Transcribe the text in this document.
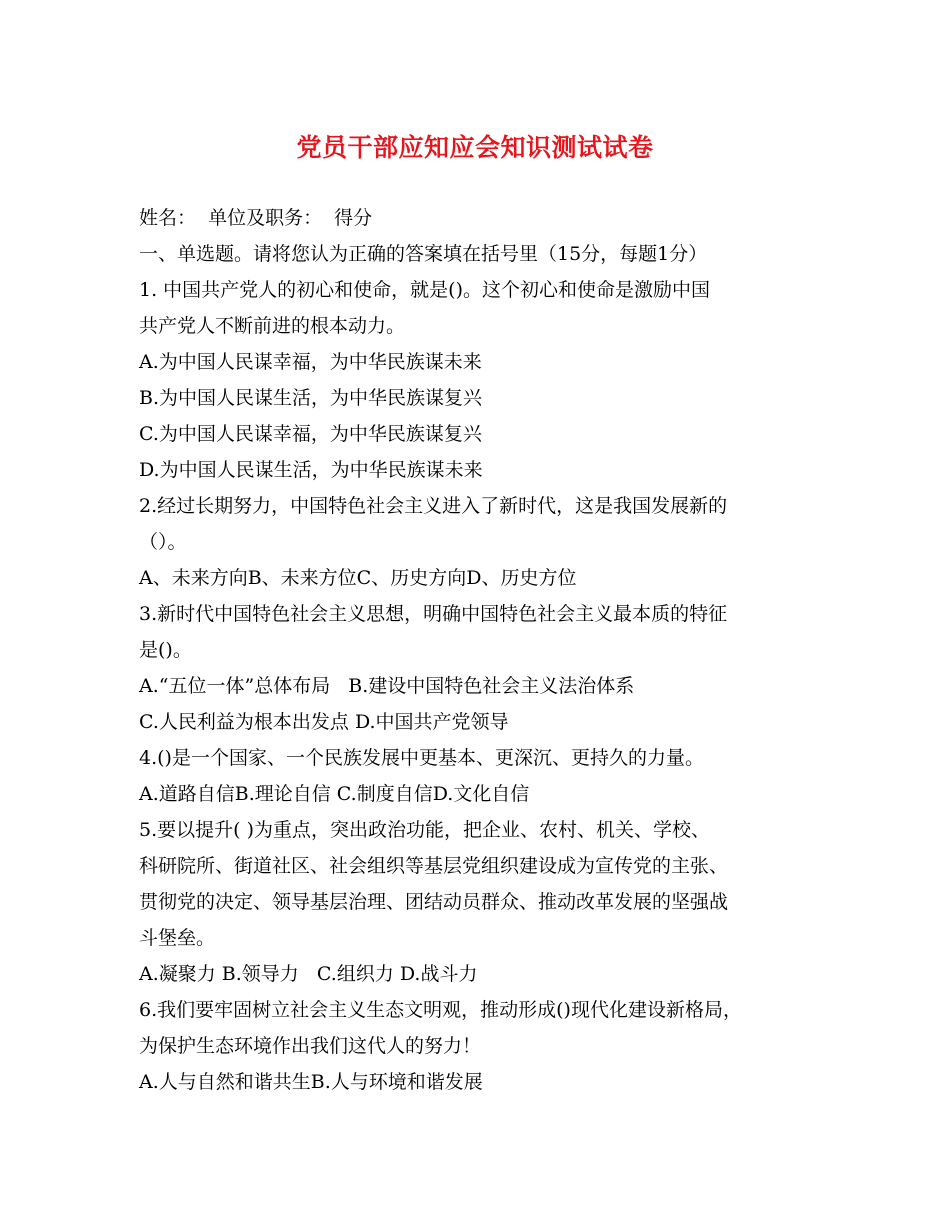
党员干部应知应会知识测试试卷
姓名：  单位及职务：  得分
一、单选题。请将您认为正确的答案填在括号里（15分，每题1分）
1. 中国共产党人的初心和使命，就是()。这个初心和使命是激励中国
共产党人不断前进的根本动力。
A.为中国人民谋幸福，为中华民族谋未来
B.为中国人民谋生活，为中华民族谋复兴
C.为中国人民谋幸福，为中华民族谋复兴
D.为中国人民谋生活，为中华民族谋未来
2.经过长期努力，中国特色社会主义进入了新时代，这是我国发展新的
（）。
A、未来方向B、未来方位C、历史方向D、历史方位
3.新时代中国特色社会主义思想，明确中国特色社会主义最本质的特征
是()。
A.“五位一体”总体布局   B.建设中国特色社会主义法治体系
C.人民利益为根本出发点 D.中国共产党领导
4.()是一个国家、一个民族发展中更基本、更深沉、更持久的力量。
A.道路自信B.理论自信 C.制度自信D.文化自信
5.要以提升( )为重点，突出政治功能，把企业、农村、机关、学校、
科研院所、街道社区、社会组织等基层党组织建设成为宣传党的主张、
贯彻党的决定、领导基层治理、团结动员群众、推动改革发展的坚强战
斗堡垒。
A.凝聚力 B.领导力   C.组织力 D.战斗力
6.我们要牢固树立社会主义生态文明观，推动形成()现代化建设新格局，
为保护生态环境作出我们这代人的努力！
A.人与自然和谐共生B.人与环境和谐发展
